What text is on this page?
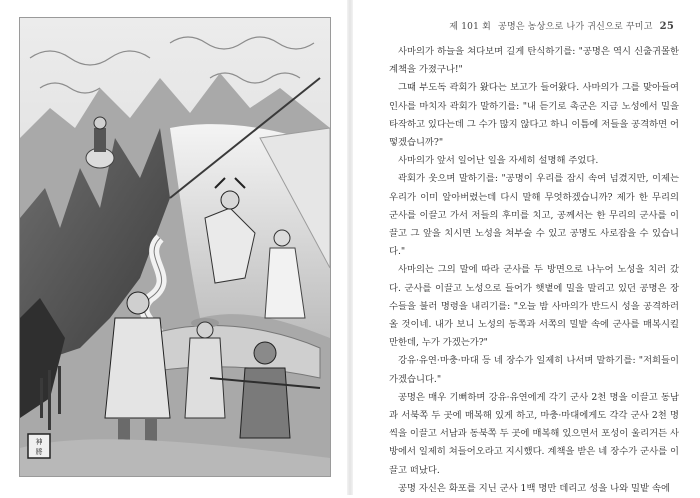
神
將
제 101 회 공명은 농상으로 나가 귀신으로 꾸미고 25

사마의가 하늘을 쳐다보며 길게 탄식하기를: "공명은 역시 신출귀몰한 계책을 가졌구나!"

그때 부도독 곽회가 왔다는 보고가 들어왔다. 사마의가 그를 맞아들여 인사를 마치자 곽회가 말하기를: "내 듣기로 촉군은 지금 노성에서 밀을 타작하고 있다는데 그 수가 많지 않다고 하니 이틈에 저들을 공격하면 어떻겠습니까?"

사마의가 앞서 일어난 일을 자세히 설명해 주었다.

곽회가 웃으며 말하기를: "공명이 우리를 잠시 속여 넘겼지만, 이제는 우리가 이미 알아버렸는데 다시 말해 무엇하겠습니까? 제가 한 무리의 군사를 이끌고 가서 저들의 후미를 치고, 공께서는 한 무리의 군사를 이끌고 그 앞을 치시면 노성을 쳐부술 수 있고 공명도 사로잡을 수 있습니다."

사마의는 그의 말에 따라 군사를 두 방면으로 나누어 노성을 치러 갔다. 군사를 이끌고 노성으로 들어가 햇볕에 밀을 말리고 있던 공명은 장수들을 불러 명령을 내리기를: "오늘 밤 사마의가 반드시 성을 공격하러 올 것이네. 내가 보니 노성의 동쪽과 서쪽의 밀밭 속에 군사를 매복시킬 만한데, 누가 가겠는가?"

강유·유연·마충·마대 등 네 장수가 일제히 나서며 말하기를: "저희들이 가겠습니다."

공명은 매우 기뻐하며 강유·유연에게 각기 군사 2천 명을 이끌고 동남과 서북쪽 두 곳에 매복해 있게 하고, 마충·마대에게도 각각 군사 2천 명씩을 이끌고 서남과 동북쪽 두 곳에 매복해 있으면서 포성이 울리거든 사방에서 일제히 쳐들어오라고 지시했다. 계책을 받은 네 장수가 군사를 이끌고 떠났다.

공명 자신은 화포를 지닌 군사 1백 명만 데리고 성을 나와 밀밭 속에
